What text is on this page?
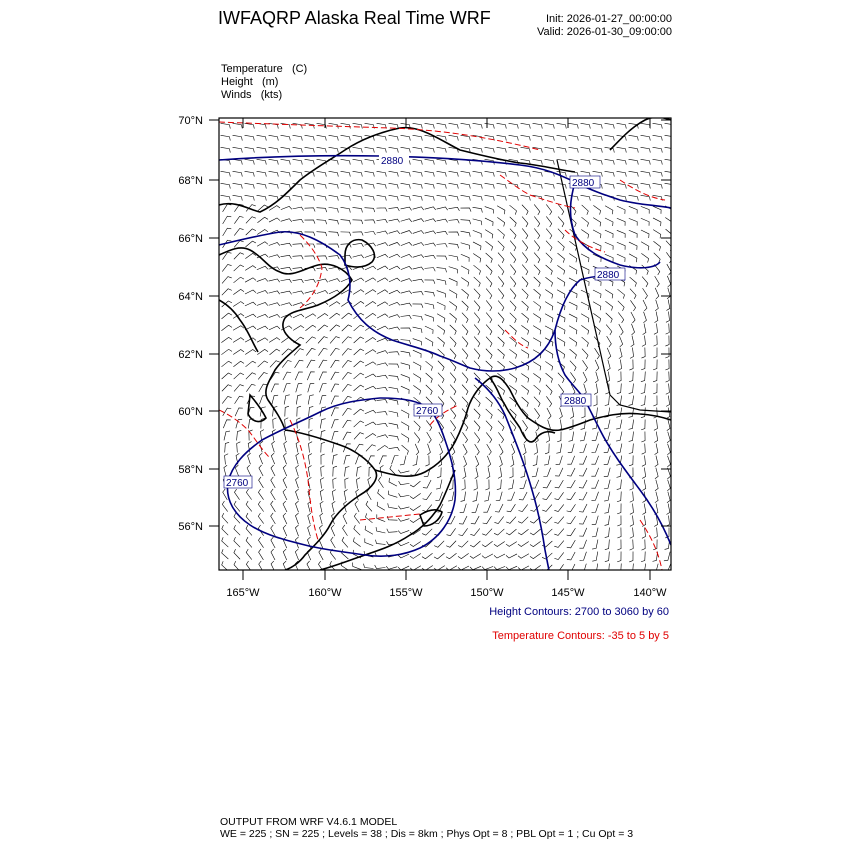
IWFAQRP Alaska Real Time WRF	Init: 2026-01-27_00:00:00
Valid: 2026-01-30_09:00:00
Temperature (C)
Height (m)
Winds (kts)
2880
2880
2880
2880
2760
2760
70°N
68°N
66°N
64°N
62°N
60°N
58°N
56°N
165°W	160°W	155°W	150°W	145°W	140°W
Height Contours: 2700 to 3060 by 60
Temperature Contours: -35 to 5 by 5
OUTPUT FROM WRF V4.6.1 MODEL
WE = 225 ; SN = 225 ; Levels = 38 ; Dis = 8km ; Phys Opt = 8 ; PBL Opt = 1 ; Cu Opt = 3
